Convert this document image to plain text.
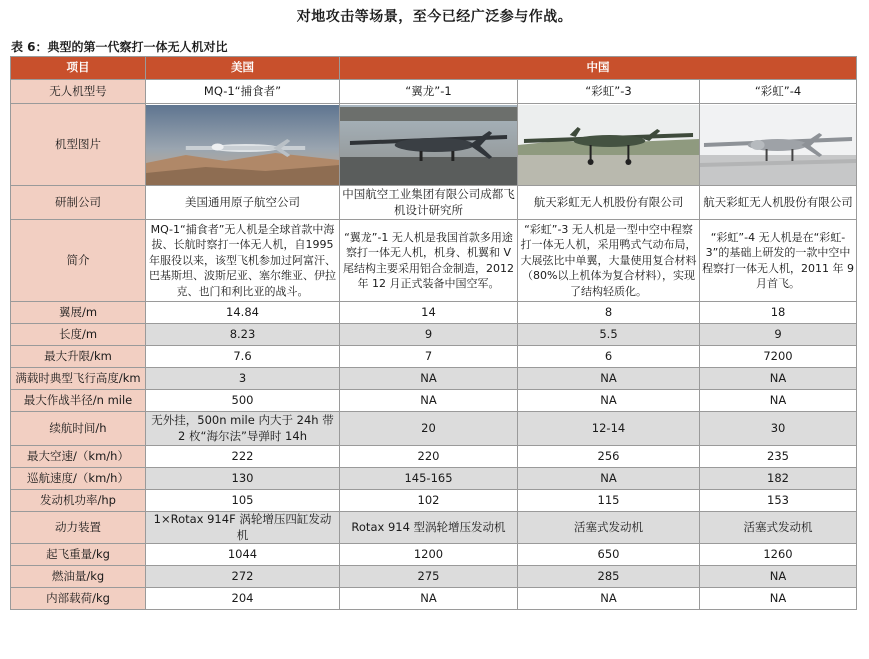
对地攻击等场景，至今已经广泛参与作战。
表 6：典型的第一代察打一体无人机对比
项目	美国	中国		
无人机型号	MQ-1“捕食者”	“翼龙”-1	“彩虹”-3	“彩虹”-4
机型图片	

研制公司	美国通用原子航空公司	中国航空工业集团有限公司成都飞机设计研究所	航天彩虹无人机股份有限公司	航天彩虹无人机股份有限公司
简介	MQ-1“捕食者”无人机是全球首款中海拔、长航时察打一体无人机，自1995 年服役以来，该型飞机参加过阿富汗、巴基斯坦、波斯尼亚、塞尔维亚、伊拉克、也门和利比亚的战斗。	“翼龙”-1 无人机是我国首款多用途察打一体无人机，机身、机翼和 V 尾结构主要采用铝合金制造，2012 年 12 月正式装备中国空军。	“彩虹”-3 无人机是一型中空中程察打一体无人机，采用鸭式气动布局，大展弦比中单翼，大量使用复合材料（80%以上机体为复合材料），实现了结构轻质化。	“彩虹”-4 无人机是在“彩虹-3”的基础上研发的一款中空中程察打一体无人机，2011 年 9 月首飞。
翼展/m	14.84	14	8	18
长度/m	8.23	9	5.5	9
最大升限/km	7.6	7	6	7200
满载时典型飞行高度/km	3	NA	NA	NA
最大作战半径/n mile	500	NA	NA	NA
续航时间/h	无外挂，500n mile 内大于 24h 带 2 枚“海尔法”导弹时 14h	20	12-14	30
最大空速/（km/h）	222	220	256	235
巡航速度/（km/h）	130	145-165	NA	182
发动机功率/hp	105	102	115	153
动力装置	1×Rotax 914F 涡轮增压四缸发动机	Rotax 914 型涡轮增压发动机	活塞式发动机	活塞式发动机
起飞重量/kg	1044	1200	650	1260
燃油量/kg	272	275	285	NA
内部载荷/kg	204	NA	NA	NA
